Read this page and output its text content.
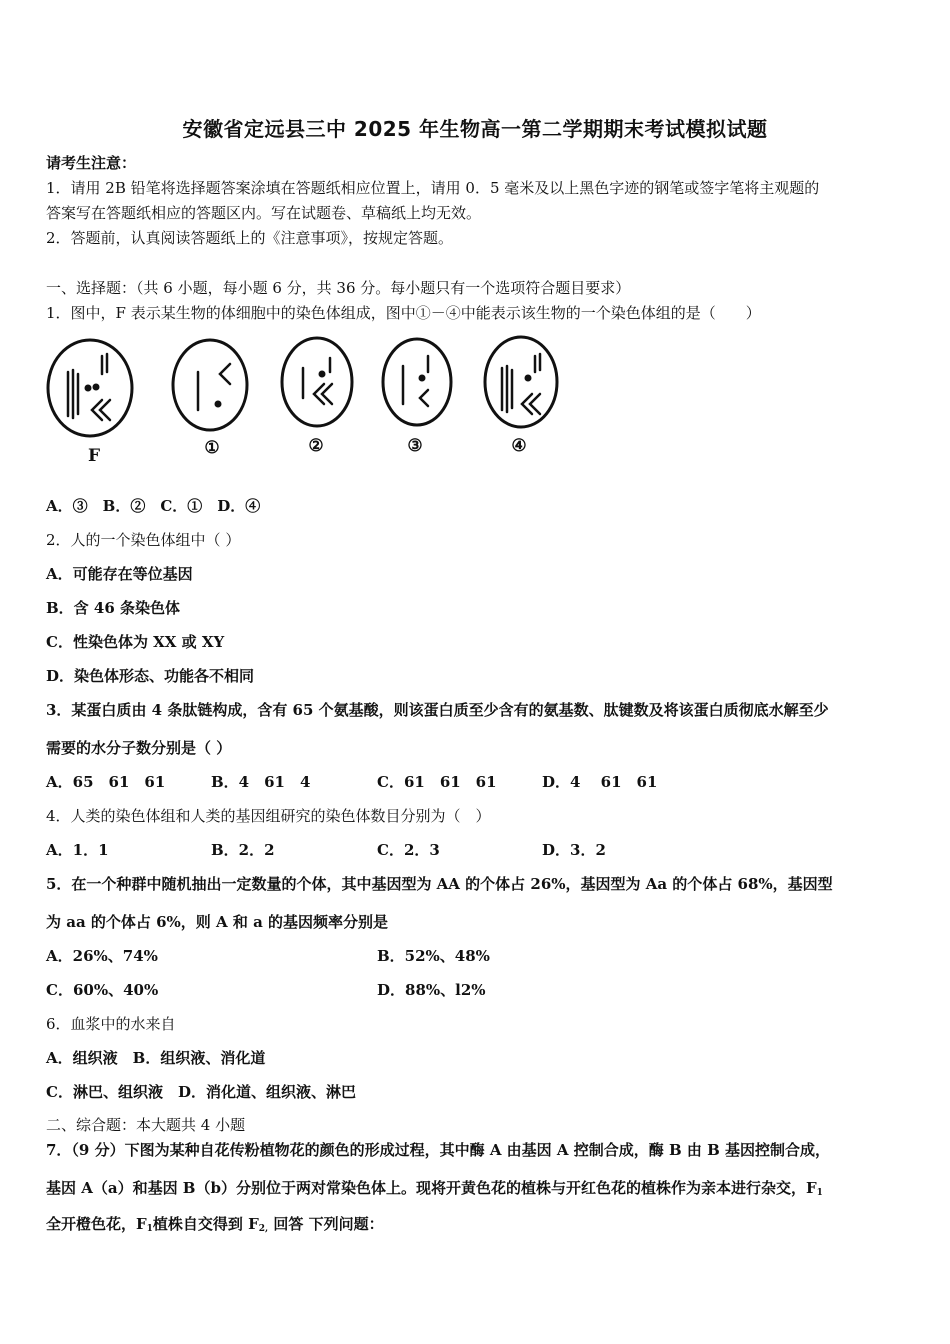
安徽省定远县三中 2025 年生物高一第二学期期末考试模拟试题
请考生注意：
1．请用 2B 铅笔将选择题答案涂填在答题纸相应位置上，请用 0．5 毫米及以上黑色字迹的钢笔或签字笔将主观题的
答案写在答题纸相应的答题区内。写在试题卷、草稿纸上均无效。
2．答题前，认真阅读答题纸上的《注意事项》，按规定答题。
一、选择题：（共 6 小题，每小题 6 分，共 36 分。每小题只有一个选项符合题目要求）
1．图中，F 表示某生物的体细胞中的染色体组成，图中①－④中能表示该生物的一个染色体组的是（　　）
F	①	②	③	④
A．③　B．②　C．①　D．④
2．人的一个染色体组中（ ）
A．可能存在等位基因
B．含 46 条染色体
C．性染色体为 XX 或 XY
D．染色体形态、功能各不相同
3．某蛋白质由 4 条肽链构成，含有 65 个氨基酸，则该蛋白质至少含有的氨基数、肽键数及将该蛋白质彻底水解至少
需要的水分子数分别是（ ）
A．65　61　61	B．4　61　4	C．61　61　61	D．4　 61　61
4．人类的染色体组和人类的基因组研究的染色体数目分别为（　）
A．1．1	B．2．2	C．2．3	D．3．2
5．在一个种群中随机抽出一定数量的个体，其中基因型为 AA 的个体占 26%，基因型为 Aa 的个体占 68%，基因型
为 aa 的个体占 6%，则 A 和 a 的基因频率分别是
A．26%、74%	B．52%、48%
C．60%、40%	D．88%、l2%
6．血浆中的水来自
A．组织液　B．组织液、消化道
C．淋巴、组织液　D．消化道、组织液、淋巴
二、综合题：本大题共 4 小题
7．（9 分）下图为某种自花传粉植物花的颜色的形成过程，其中酶 A 由基因 A 控制合成，酶 B 由 B 基因控制合成，
基因 A（a）和基因 B（b）分别位于两对常染色体上。现将开黄色花的植株与开红色花的植株作为亲本进行杂交，$F_1$
全开橙色花，$F_1$植株自交得到 $F_{2,}$ 回答 下列问题：
